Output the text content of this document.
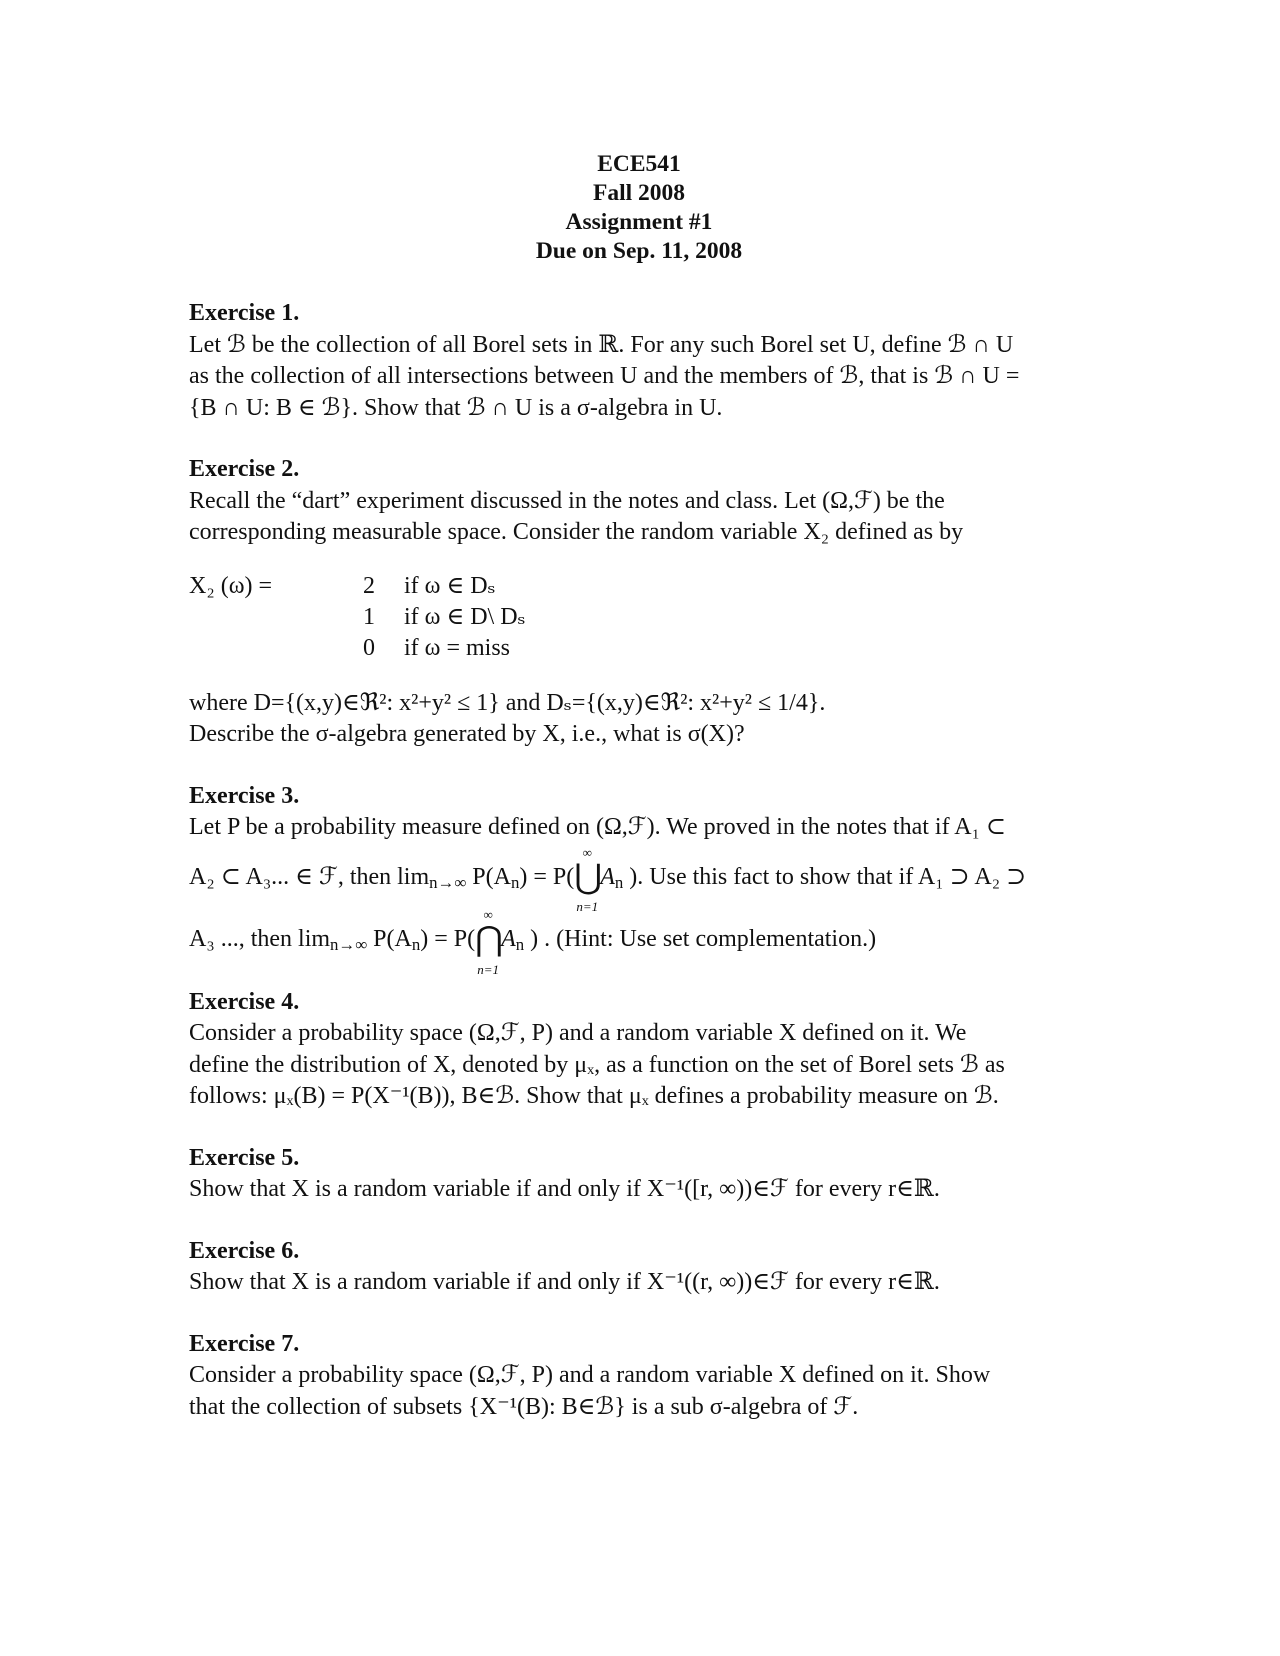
ECE541
Fall 2008
Assignment #1
Due on Sep. 11, 2008
Exercise 1.
Let ℬ be the collection of all Borel sets in ℝ. For any such Borel set U, define ℬ ∩ U
as the collection of all intersections between U and the members of ℬ, that is ℬ ∩ U =
{B ∩ U: B ∈ ℬ}. Show that ℬ ∩ U is a σ-algebra in U.
Exercise 2.
Recall the “dart” experiment discussed in the notes and class. Let (Ω,ℱ) be the
corresponding measurable space. Consider the random variable X₂ defined as by
X₂ (ω) =	2	if ω ∈ Dₛ
1	if ω ∈ D\ Dₛ
0	if ω = miss
where D={(x,y)∈ℜ²: x²+y² ≤ 1} and Dₛ={(x,y)∈ℜ²: x²+y² ≤ 1/4}.
Describe the σ-algebra generated by X, i.e., what is σ(X)?
Exercise 3.
Let P be a probability measure defined on (Ω,ℱ). We proved in the notes that if A₁ ⊂
A₂ ⊂ A₃... ∈ ℱ, then $\lim_{n\to\infty} P(A_n) = P$(
∞
⋃
n=1
$A_n$ ). Use this fact to show that if A₁ ⊃ A₂ ⊃
A₃ ..., then $\lim_{n\to\infty} P(A_n) = P$(
∞
⋂
n=1
$A_n$ ) . (Hint: Use set complementation.)
Exercise 4.
Consider a probability space (Ω,ℱ, P) and a random variable X defined on it. We
define the distribution of X, denoted by μₓ, as a function on the set of Borel sets ℬ as
follows: μₓ(B) = P(X⁻¹(B)), B∈ℬ. Show that μₓ defines a probability measure on ℬ.
Exercise 5.
Show that X is a random variable if and only if X⁻¹([r, ∞))∈ℱ for every r∈ℝ.
Exercise 6.
Show that X is a random variable if and only if X⁻¹((r, ∞))∈ℱ for every r∈ℝ.
Exercise 7.
Consider a probability space (Ω,ℱ, P) and a random variable X defined on it. Show
that the collection of subsets {X⁻¹(B): B∈ℬ} is a sub σ-algebra of ℱ.
